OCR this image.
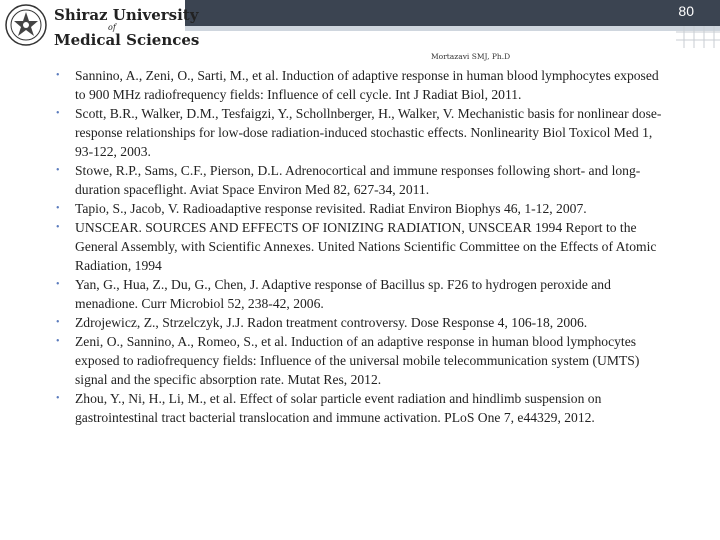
80
Shiraz University
of
Medical Sciences
Mortazavi SMJ, Ph.D
• Sannino, A., Zeni, O., Sarti, M., et al. Induction of adaptive response in human blood lymphocytes exposed to 900 MHz radiofrequency fields: Influence of cell cycle. Int J Radiat Biol, 2011.
• Scott, B.R., Walker, D.M., Tesfaigzi, Y., Schollnberger, H., Walker, V. Mechanistic basis for nonlinear dose-response relationships for low-dose radiation-induced stochastic effects. Nonlinearity Biol Toxicol Med 1, 93-122, 2003.
• Stowe, R.P., Sams, C.F., Pierson, D.L. Adrenocortical and immune responses following short- and long-duration spaceflight. Aviat Space Environ Med 82, 627-34, 2011.
• Tapio, S., Jacob, V. Radioadaptive response revisited. Radiat Environ Biophys 46, 1-12, 2007.
• UNSCEAR. SOURCES AND EFFECTS OF IONIZING RADIATION, UNSCEAR 1994 Report to the General Assembly, with Scientific Annexes. United Nations Scientific Committee on the Effects of Atomic Radiation, 1994
• Yan, G., Hua, Z., Du, G., Chen, J. Adaptive response of Bacillus sp. F26 to hydrogen peroxide and menadione. Curr Microbiol 52, 238-42, 2006.
• Zdrojewicz, Z., Strzelczyk, J.J. Radon treatment controversy. Dose Response 4, 106-18, 2006.
• Zeni, O., Sannino, A., Romeo, S., et al. Induction of an adaptive response in human blood lymphocytes exposed to radiofrequency fields: Influence of the universal mobile telecommunication system (UMTS) signal and the specific absorption rate. Mutat Res, 2012.
• Zhou, Y., Ni, H., Li, M., et al. Effect of solar particle event radiation and hindlimb suspension on gastrointestinal tract bacterial translocation and immune activation. PLoS One 7, e44329, 2012.
